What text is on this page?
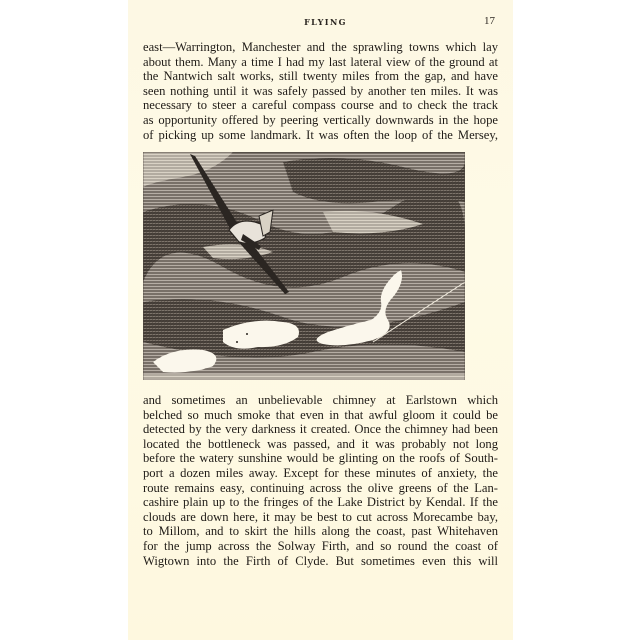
FLYING	17

east—Warrington, Manchester and the sprawling towns which lay
about them. Many a time I had my last lateral view of the ground at
the Nantwich salt works, still twenty miles from the gap, and have
seen nothing until it was safely passed by another ten miles. It was
necessary to steer a careful compass course and to check the track
as opportunity offered by peering vertically downwards in the hope
of picking up some landmark. It was often the loop of the Mersey,

and sometimes an unbelievable chimney at Earlstown which
belched so much smoke that even in that awful gloom it could be
detected by the very darkness it created. Once the chimney had been
located the bottleneck was passed, and it was probably not long
before the watery sunshine would be glinting on the roofs of South-
port a dozen miles away. Except for these minutes of anxiety, the
route remains easy, continuing across the olive greens of the Lan-
cashire plain up to the fringes of the Lake District by Kendal. If the
clouds are down here, it may be best to cut across Morecambe bay,
to Millom, and to skirt the hills along the coast, past Whitehaven
for the jump across the Solway Firth, and so round the coast of
Wigtown into the Firth of Clyde. But sometimes even this will
